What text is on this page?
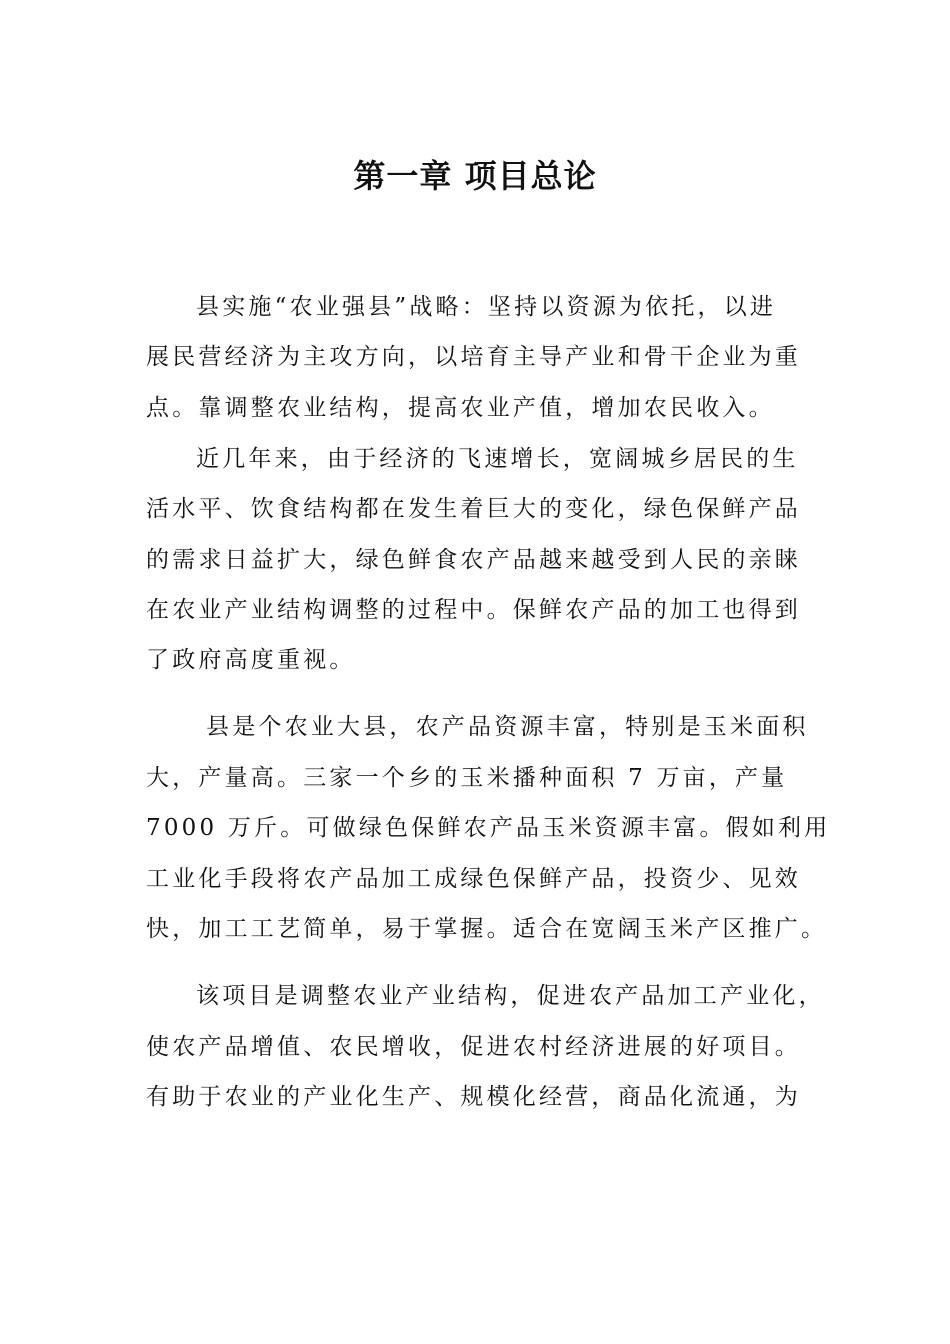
第一章 项目总论
县实施“农业强县”战略：坚持以资源为依托，以进
展民营经济为主攻方向，以培育主导产业和骨干企业为重
点。靠调整农业结构，提高农业产值，增加农民收入。
近几年来，由于经济的飞速增长，宽阔城乡居民的生
活水平、饮食结构都在发生着巨大的变化，绿色保鲜产品
的需求日益扩大，绿色鲜食农产品越来越受到人民的亲睐
在农业产业结构调整的过程中。保鲜农产品的加工也得到
了政府高度重视。
县是个农业大县，农产品资源丰富，特别是玉米面积
大，产量高。三家一个乡的玉米播种面积 7 万亩，产量
7000 万斤。可做绿色保鲜农产品玉米资源丰富。假如利用
工业化手段将农产品加工成绿色保鲜产品，投资少、见效
快，加工工艺简单，易于掌握。适合在宽阔玉米产区推广。
该项目是调整农业产业结构，促进农产品加工产业化，
使农产品增值、农民增收，促进农村经济进展的好项目。
有助于农业的产业化生产、规模化经营，商品化流通，为
